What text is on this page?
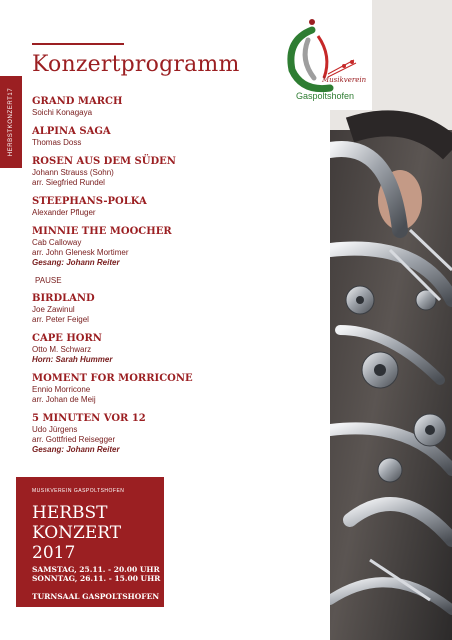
Musikverein
Gaspoltshofen
HERBSTKONZERT17
Konzertprogramm
GRAND MARCH
Soichi Konagaya
ALPINA SAGA
Thomas Doss
ROSEN AUS DEM SÜDEN
Johann Strauss (Sohn)
arr. Siegfried Rundel
STEEPHANS-POLKA
Alexander Pfluger
MINNIE THE MOOCHER
Cab Calloway
arr. John Glenesk Mortimer
Gesang: Johann Reiter
PAUSE
BIRDLAND
Joe Zawinul
arr. Peter Feigel
CAPE HORN
Otto M. Schwarz
Horn: Sarah Hummer
MOMENT FOR MORRICONE
Ennio Morricone
arr. Johan de Meij
5 MINUTEN VOR 12
Udo Jürgens
arr. Gottfried Reisegger
Gesang: Johann Reiter
MUSIKVEREIN GASPOLTSHOFEN
HERBST
KONZERT
2017
SAMSTAG, 25.11. - 20.00 UHR
SONNTAG, 26.11. - 15.00 UHR
TURNSAAL GASPOLTSHOFEN
